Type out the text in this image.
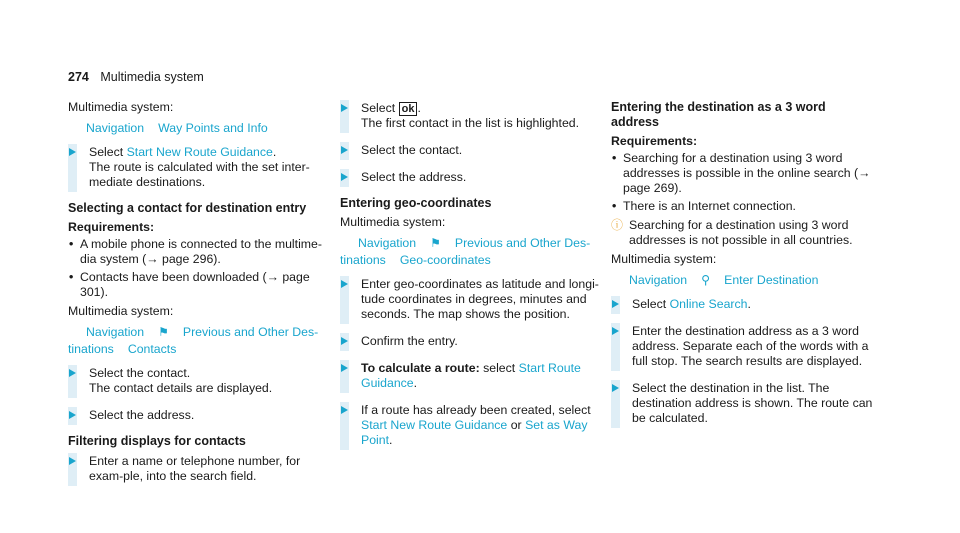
274 Multimedia system
Multimedia system:
Navigation Way Points and Info
Select Start New Route Guidance.
The route is calculated with the set inter-mediate destinations.
Selecting a contact for destination entry
Requirements:
• A mobile phone is connected to the multime-dia system (→ page 296).
• Contacts have been downloaded (→ page 301).
Multimedia system:
Navigation ⚑ Previous and Other Des-
tinations Contacts
Select the contact.
The contact details are displayed.
Select the address.
Filtering displays for contacts
Enter a name or telephone number, for exam-ple, into the search field.
Select ok .
The first contact in the list is highlighted.
Select the contact.
Select the address.
Entering geo-coordinates
Multimedia system:
Navigation ⚑ Previous and Other Des-
tinations Geo-coordinates
Enter geo-coordinates as latitude and longi-tude coordinates in degrees, minutes and seconds. The map shows the position.
Confirm the entry.
To calculate a route: select Start Route Guidance.
If a route has already been created, select Start New Route Guidance or Set as Way Point.
Entering the destination as a 3 word address
Requirements:
• Searching for a destination using 3 word addresses is possible in the online search (→ page 269).
• There is an Internet connection.
ⓘ Searching for a destination using 3 word addresses is not possible in all countries.
Multimedia system:
Navigation ⚲ Enter Destination
Select Online Search.
Enter the destination address as a 3 word address. Separate each of the words with a full stop. The search results are displayed.
Select the destination in the list. The destination address is shown. The route can be calculated.
